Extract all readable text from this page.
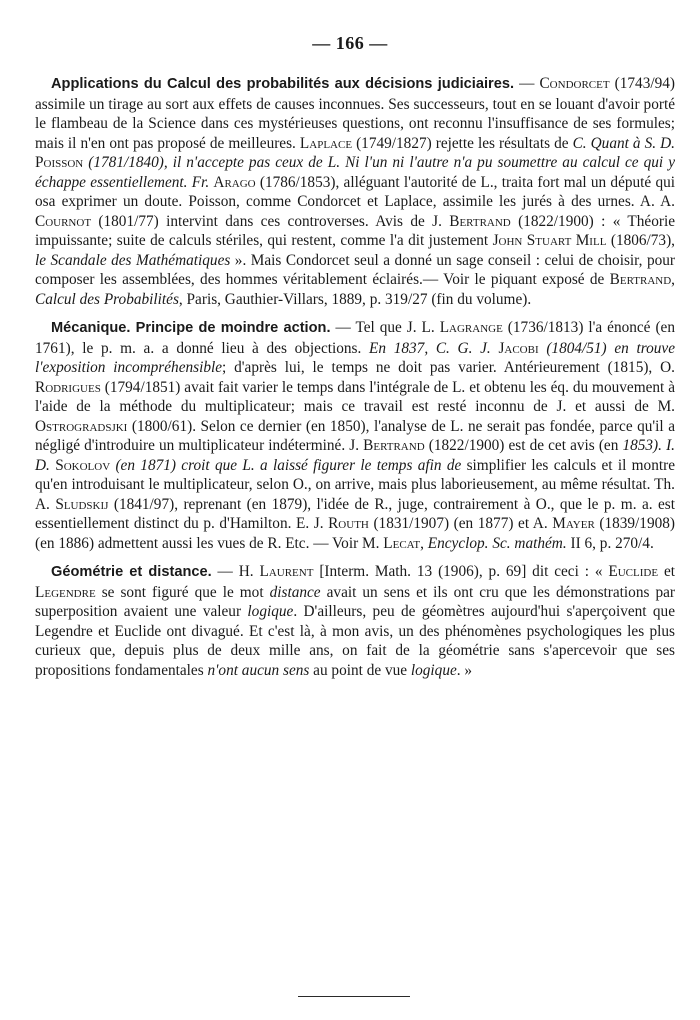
— 166 —

Applications du Calcul des probabilités aux décisions judiciaires. — Condorcet (1743/94) assimile un tirage au sort aux effets de causes inconnues. Ses successeurs, tout en se louant d'avoir porté le flambeau de la Science dans ces mystérieuses questions, ont reconnu l'insuffisance de ses formules; mais il n'en ont pas proposé de meilleures. Laplace (1749/1827) rejette les résultats de C. Quant à S. D. Poisson (1781/1840), il n'accepte pas ceux de L. Ni l'un ni l'autre n'a pu soumettre au calcul ce qui y échappe essentiellement. Fr. Arago (1786/1853), alléguant l'autorité de L., traita fort mal un député qui osa exprimer un doute. Poisson, comme Condorcet et Laplace, assimile les jurés à des urnes. A. A. Cournot (1801/77) intervint dans ces controverses. Avis de J. Bertrand (1822/1900) : « Théorie impuissante; suite de calculs stériles, qui restent, comme l'a dit justement John Stuart Mill (1806/73), le Scandale des Mathématiques ». Mais Condorcet seul a donné un sage conseil : celui de choisir, pour composer les assemblées, des hommes véritablement éclairés.— Voir le piquant exposé de Bertrand, Calcul des Probabilités, Paris, Gauthier-Villars, 1889, p. 319/27 (fin du volume).

Mécanique. Principe de moindre action. — Tel que J. L. Lagrange (1736/1813) l'a énoncé (en 1761), le p. m. a. a donné lieu à des objections. En 1837, C. G. J. Jacobi (1804/51) en trouve l'exposition incompréhensible; d'après lui, le temps ne doit pas varier. Antérieurement (1815), O. Rodrigues (1794/1851) avait fait varier le temps dans l'intégrale de L. et obtenu les éq. du mouvement à l'aide de la méthode du multiplicateur; mais ce travail est resté inconnu de J. et aussi de M. Ostrogradsjki (1800/61). Selon ce dernier (en 1850), l'analyse de L. ne serait pas fondée, parce qu'il a négligé d'introduire un multiplicateur indéterminé. J. Bertrand (1822/1900) est de cet avis (en 1853). I. D. Sokolov (en 1871) croit que L. a laissé figurer le temps afin de simplifier les calculs et il montre qu'en introduisant le multiplicateur, selon O., on arrive, mais plus laborieusement, au même résultat. Th. A. Sludskij (1841/97), reprenant (en 1879), l'idée de R., juge, contrairement à O., que le p. m. a. est essentiellement distinct du p. d'Hamilton. E. J. Routh (1831/1907) (en 1877) et A. Mayer (1839/1908) (en 1886) admettent aussi les vues de R. Etc. — Voir M. Lecat, Encyclop. Sc. mathém. II 6, p. 270/4.

Géométrie et distance. — H. Laurent [Interm. Math. 13 (1906), p. 69] dit ceci : « Euclide et Legendre se sont figuré que le mot distance avait un sens et ils ont cru que les démonstrations par superposition avaient une valeur logique. D'ailleurs, peu de géomètres aujourd'hui s'aperçoivent que Legendre et Euclide ont divagué. Et c'est là, à mon avis, un des phénomènes psychologiques les plus curieux que, depuis plus de deux mille ans, on fait de la géométrie sans s'apercevoir que ses propositions fondamentales n'ont aucun sens au point de vue logique. »
